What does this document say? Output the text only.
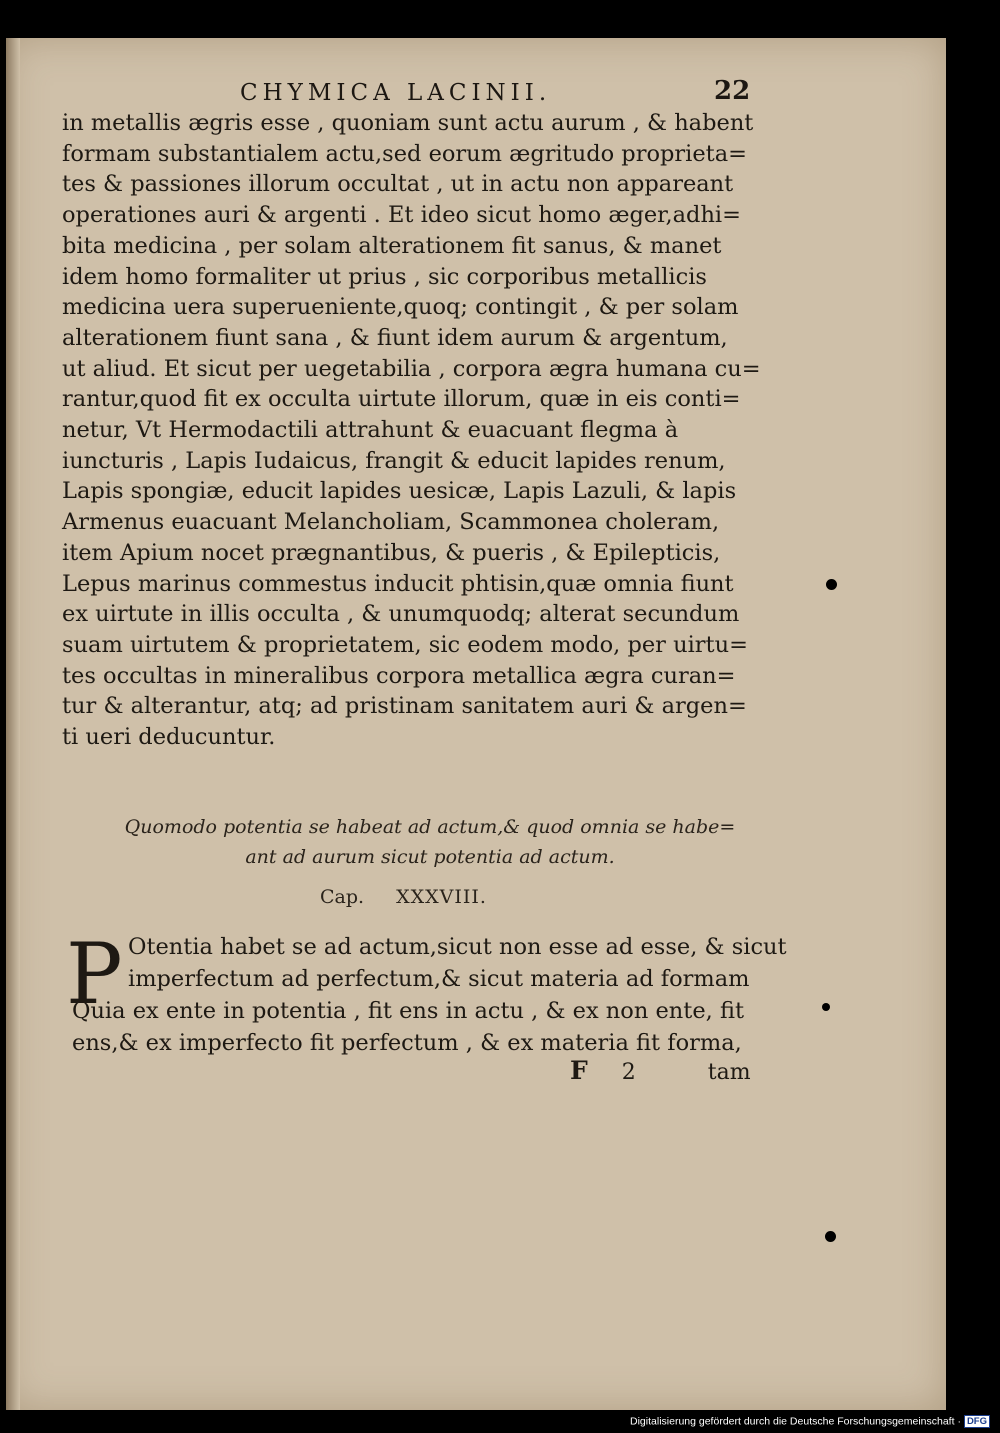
CHYMICA LACINII.	22
in metallis ægris esse , quoniam sunt actu aurum , & habent
formam substantialem actu,sed eorum ægritudo proprieta=
tes & passiones illorum occultat , ut in actu non appareant
operationes auri & argenti . Et ideo sicut homo æger,adhi=
bita medicina , per solam alterationem fit sanus, & manet
idem homo formaliter ut prius , sic corporibus metallicis
medicina uera superueniente,quoq; contingit , & per solam
alterationem fiunt sana , & fiunt idem aurum & argentum,
ut aliud. Et sicut per uegetabilia , corpora ægra humana cu=
rantur,quod fit ex occulta uirtute illorum, quæ in eis conti=
netur, Vt Hermodactili attrahunt & euacuant flegma à
iuncturis , Lapis Iudaicus, frangit & educit lapides renum,
Lapis spongiæ, educit lapides uesicæ, Lapis Lazuli, & lapis
Armenus euacuant Melancholiam, Scammonea choleram,
item Apium nocet prægnantibus, & pueris , & Epilepticis,
Lepus marinus commestus inducit phtisin,quæ omnia fiunt
ex uirtute in illis occulta , & unumquodq; alterat secundum
suam uirtutem & proprietatem, sic eodem modo, per uirtu=
tes occultas in mineralibus corpora metallica ægra curan=
tur & alterantur, atq; ad pristinam sanitatem auri & argen=
ti ueri deducuntur.
Quomodo potentia se habeat ad actum,& quod omnia se habe=
ant ad aurum sicut potentia ad actum.
Cap. XXXVIII.
P Otentia habet se ad actum,sicut non esse ad esse, & sicut
imperfectum ad perfectum,& sicut materia ad formam
Quia ex ente in potentia , fit ens in actu , & ex non ente, fit
ens,& ex imperfecto fit perfectum , & ex materia fit forma,
F 2	tam
Digitalisierung gefördert durch die Deutsche Forschungsgemeinschaft · DFG
